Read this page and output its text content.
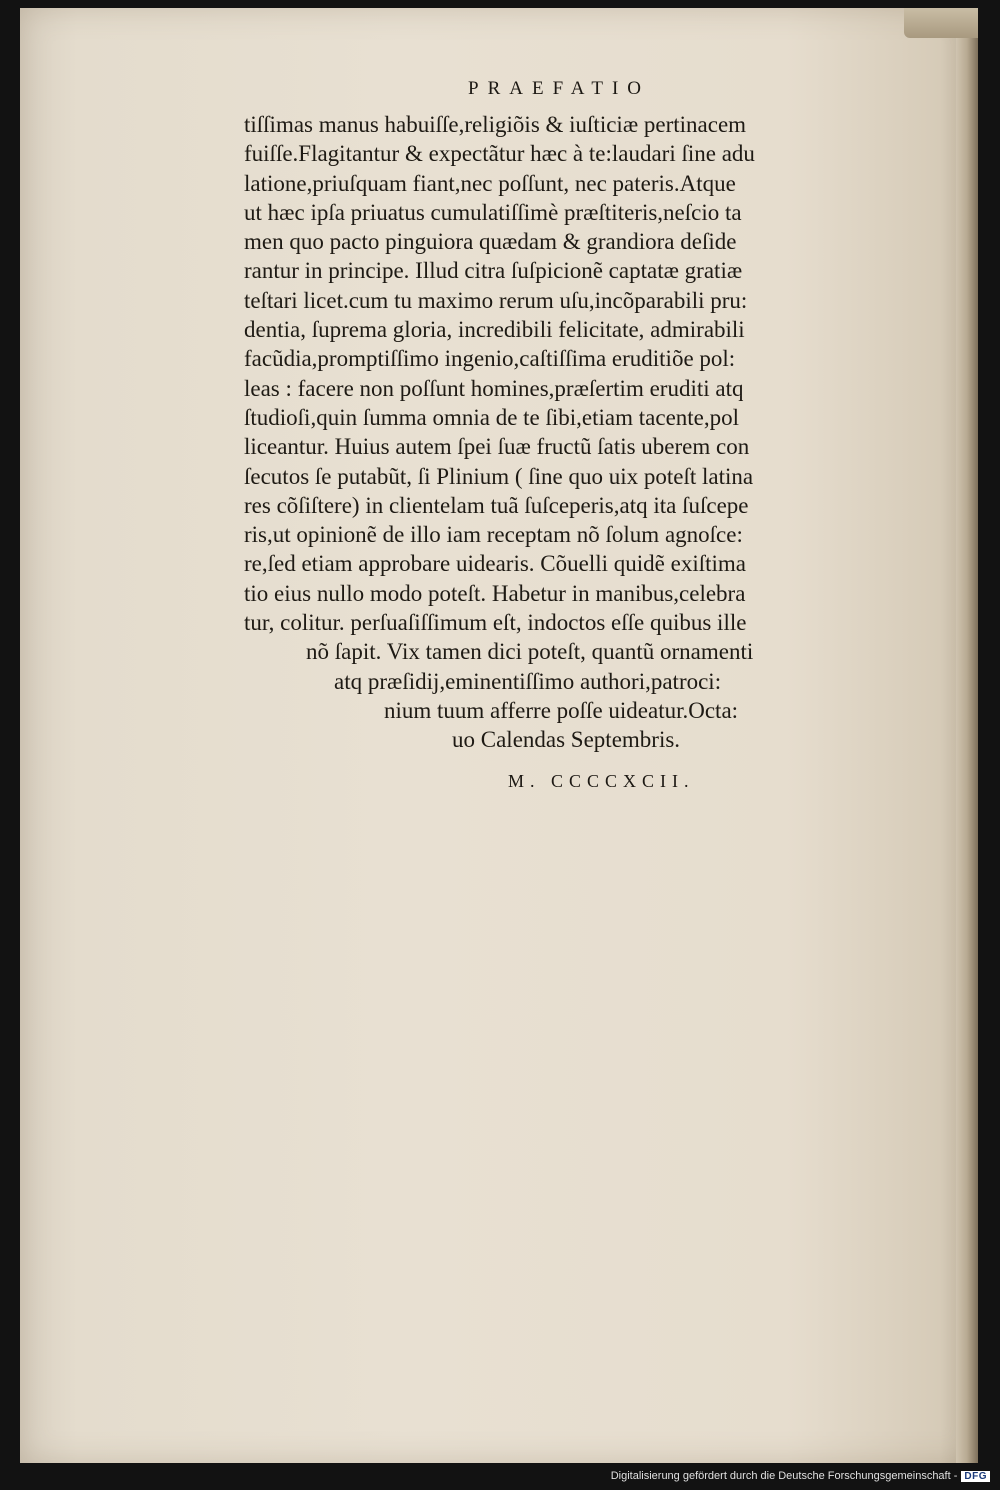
PRAEFATIO
tiſſimas manus habuiſſe,religiõis & iuſticiæ pertinacem
fuiſſe.Flagitantur & expectãtur hæc à te:laudari ſine adu
latione,priuſquam fiant,nec poſſunt, nec pateris.Atque
ut hæc ipſa priuatus cumulatiſſimè præſtiteris,neſcio ta
men quo pacto pinguiora quædam & grandiora deſide
rantur in principe. Illud citra ſuſpicionẽ captatæ gratiæ
teſtari licet.cum tu maximo rerum uſu,incõparabili pru:
dentia, ſuprema gloria, incredibili felicitate, admirabili
facũdia,promptiſſimo ingenio,caſtiſſima eruditiõe pol:
leas : facere non poſſunt homines,præſertim eruditi atq
ſtudioſi,quin ſumma omnia de te ſibi,etiam tacente,pol
liceantur. Huius autem ſpei ſuæ fructũ ſatis uberem con
ſecutos ſe putabũt, ſi Plinium ( ſine quo uix poteſt latina
res cõſiſtere) in clientelam tuã ſuſceperis,atq ita ſuſcepe
ris,ut opinionẽ de illo iam receptam nõ ſolum agnoſce:
re,ſed etiam approbare uidearis. Cõuelli quidẽ exiſtima
tio eius nullo modo poteſt. Habetur in manibus,celebra
tur, colitur. perſuaſiſſimum eſt, indoctos eſſe quibus ille
nõ ſapit. Vix tamen dici poteſt, quantũ ornamenti
atq præſidij,eminentiſſimo authori,patroci:
nium tuum afferre poſſe uideatur.Octa:
uo Calendas Septembris.
M. CCCCXCII.
Digitalisierung gefördert durch die Deutsche Forschungsgemeinschaft - DFG
